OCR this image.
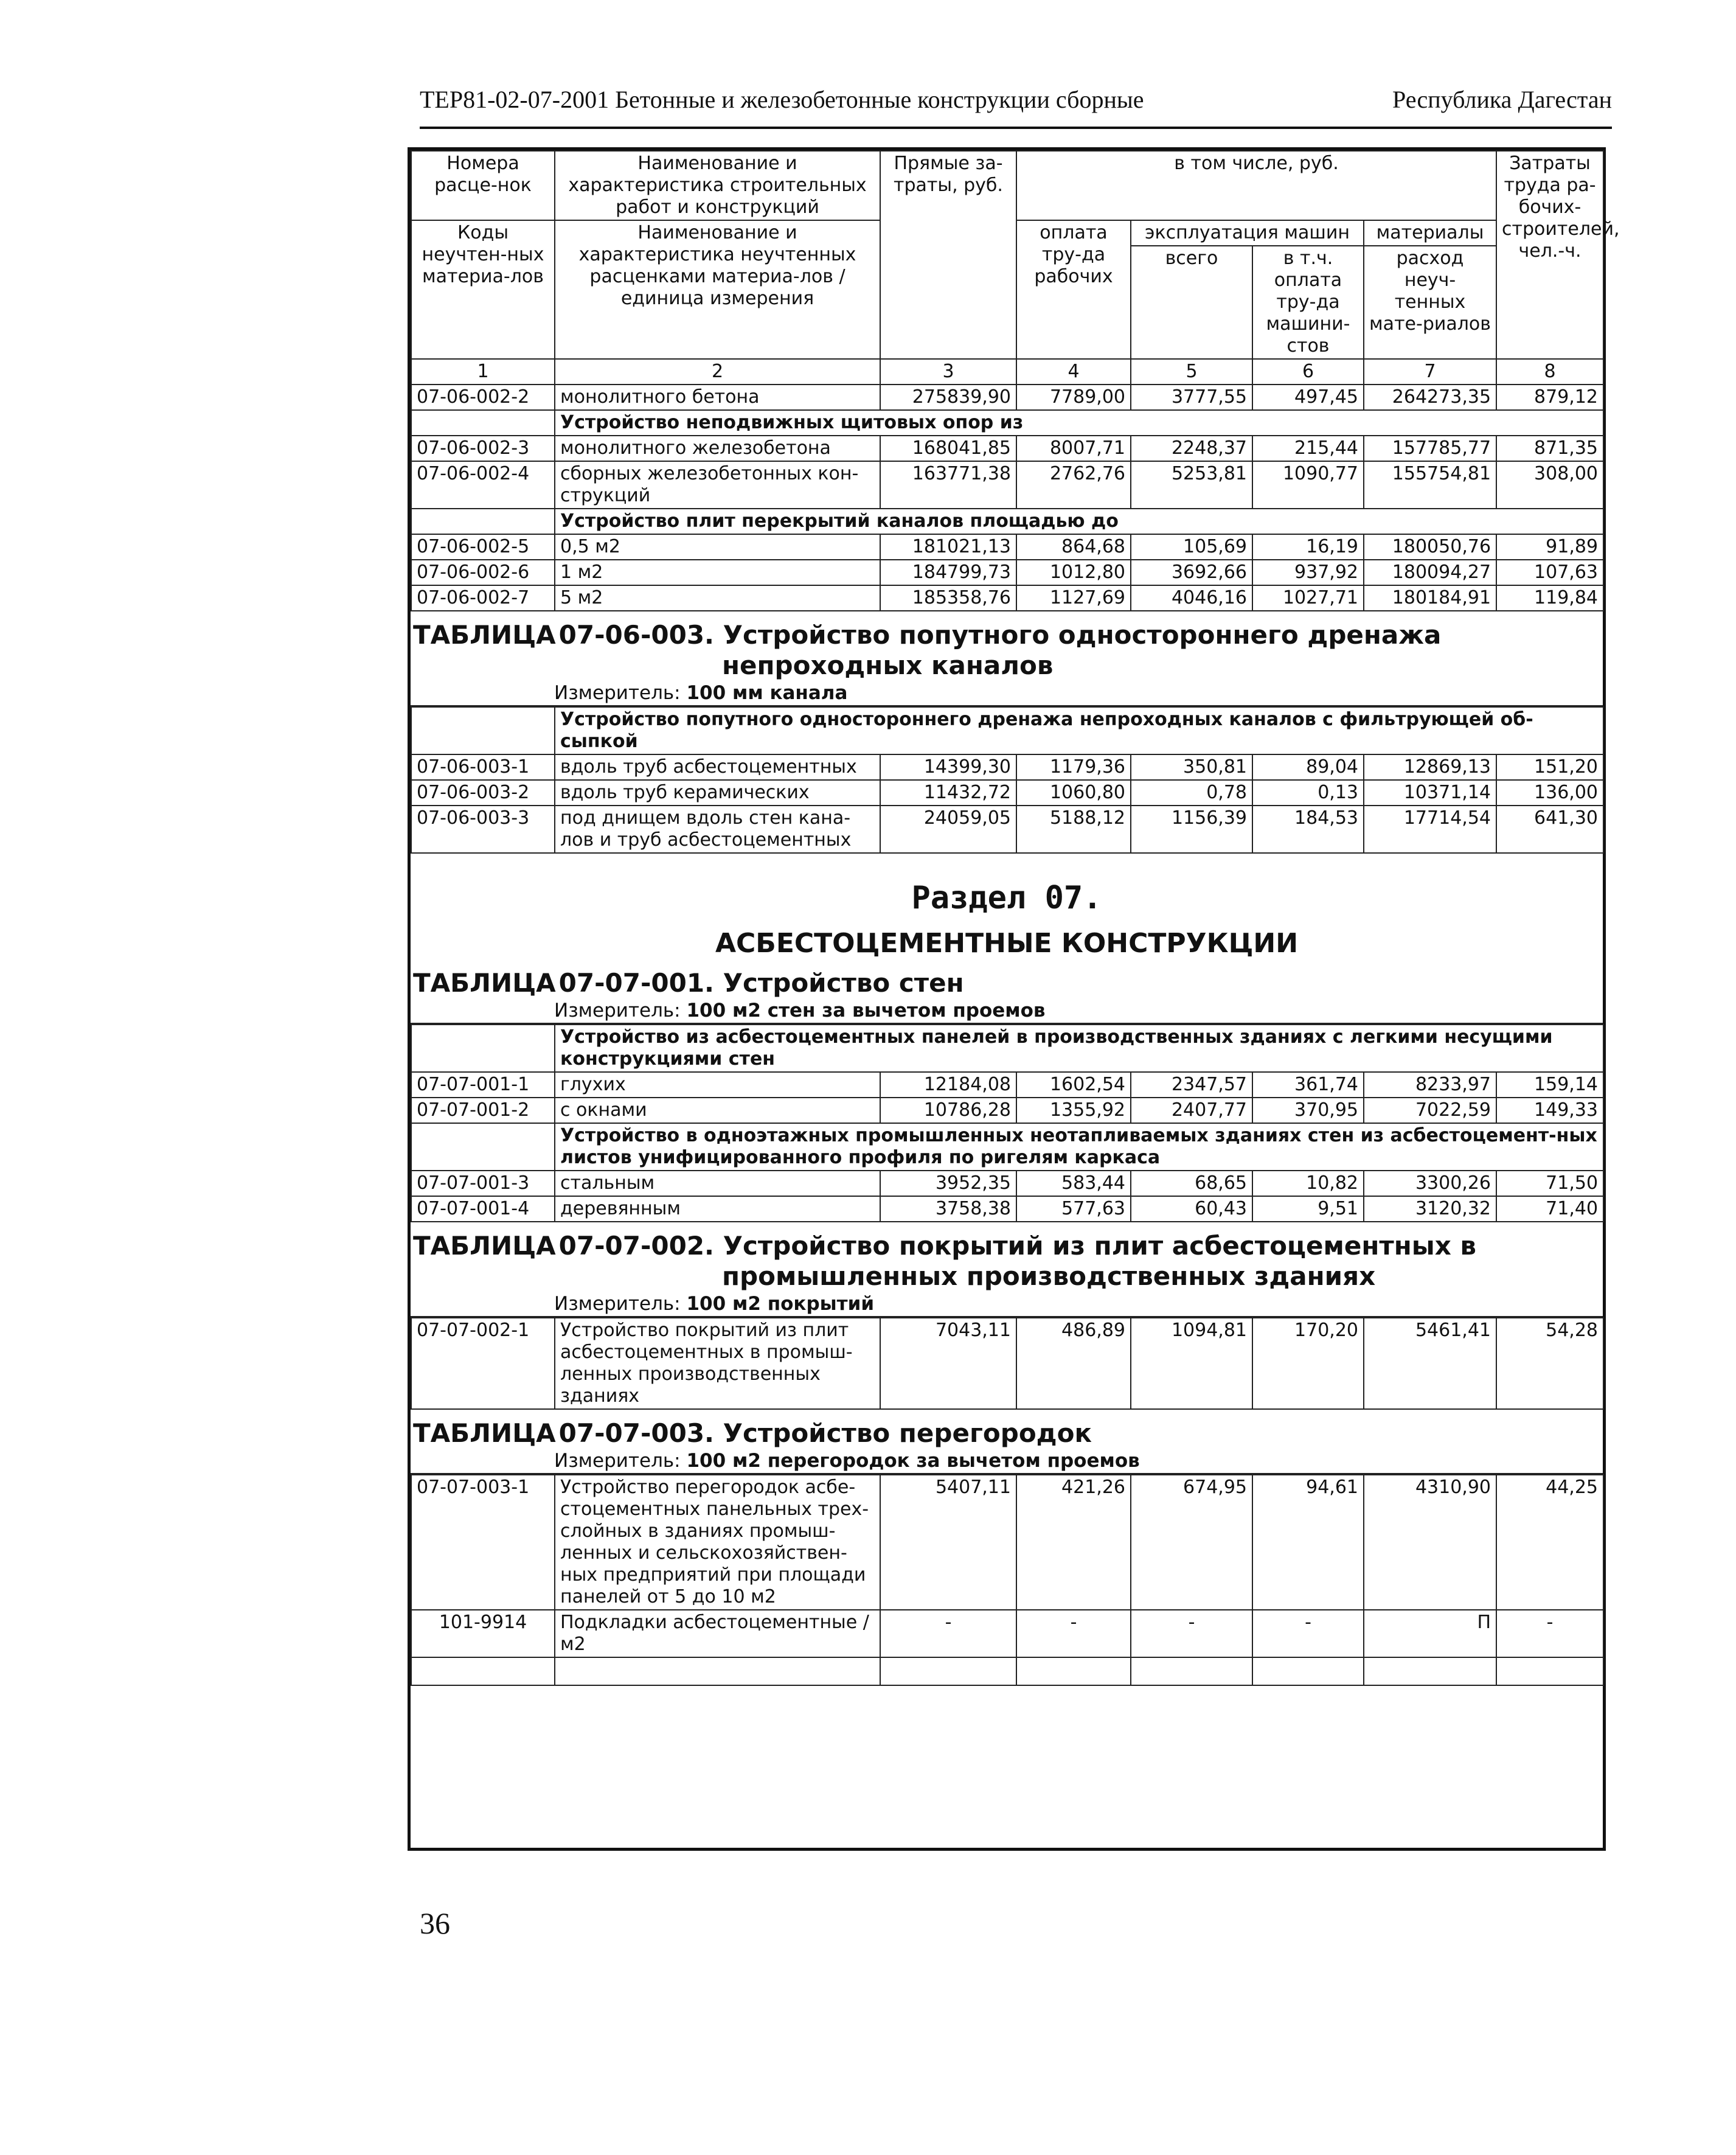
ТЕР81-02-07-2001 Бетонные и железобетонные конструкции сборные	Республика Дагестан
Номера расце-нок	Наименование и характеристика строительных работ и конструкций	Прямые за-траты, руб.	в том числе, руб.				Затраты труда ра-бочих-строителей, чел.-ч.
Коды неучтен-ных материа-лов	Наименование и характеристика неучтенных расценками материа-лов / единица измерения		оплата тру-да рабочих	эксплуатация машин		материалы	
				всего	в т.ч. оплата тру-да машини-стов	расход неуч-тенных мате-риалов	
1	2	3	4	5	6	7	8
07-06-002-2	монолитного бетона	275839,90	7789,00	3777,55	497,45	264273,35	879,12
	Устройство неподвижных щитовых опор из						
07-06-002-3	монолитного железобетона	168041,85	8007,71	2248,37	215,44	157785,77	871,35
07-06-002-4	сборных железобетонных кон-струкций	163771,38	2762,76	5253,81	1090,77	155754,81	308,00
	Устройство плит перекрытий каналов площадью до						
07-06-002-5	0,5 м2	181021,13	864,68	105,69	16,19	180050,76	91,89
07-06-002-6	1 м2	184799,73	1012,80	3692,66	937,92	180094,27	107,63
07-06-002-7	5 м2	185358,76	1127,69	4046,16	1027,71	180184,91	119,84
ТАБЛИЦА 07-06-003. Устройство попутного одностороннего дренажа
непроходных каналов
Измеритель: 100 мм канала
	Устройство попутного одностороннего дренажа непроходных каналов с фильтрующей об-сыпкой						
07-06-003-1	вдоль труб асбестоцементных	14399,30	1179,36	350,81	89,04	12869,13	151,20
07-06-003-2	вдоль труб керамических	11432,72	1060,80	0,78	0,13	10371,14	136,00
07-06-003-3	под днищем вдоль стен кана-лов и труб асбестоцементных	24059,05	5188,12	1156,39	184,53	17714,54	641,30
Раздел 07.
АСБЕСТОЦЕМЕНТНЫЕ КОНСТРУКЦИИ
ТАБЛИЦА 07-07-001. Устройство стен
Измеритель: 100 м2 стен за вычетом проемов
	Устройство из асбестоцементных панелей в производственных зданиях с легкими несущими конструкциями стен						
07-07-001-1	глухих	12184,08	1602,54	2347,57	361,74	8233,97	159,14
07-07-001-2	с окнами	10786,28	1355,92	2407,77	370,95	7022,59	149,33
	Устройство в одноэтажных промышленных неотапливаемых зданиях стен из асбестоцемент-ных листов унифицированного профиля по ригелям каркаса						
07-07-001-3	стальным	3952,35	583,44	68,65	10,82	3300,26	71,50
07-07-001-4	деревянным	3758,38	577,63	60,43	9,51	3120,32	71,40
ТАБЛИЦА 07-07-002. Устройство покрытий из плит асбестоцементных в
промышленных производственных зданиях
Измеритель: 100 м2 покрытий
07-07-002-1	Устройство покрытий из плит асбестоцементных в промыш-ленных производственных зданиях	7043,11	486,89	1094,81	170,20	5461,41	54,28
ТАБЛИЦА 07-07-003. Устройство перегородок
Измеритель: 100 м2 перегородок за вычетом проемов
07-07-003-1	Устройство перегородок асбе-стоцементных панельных трех-слойных в зданиях промыш-ленных и сельскохозяйствен-ных предприятий при площади панелей от 5 до 10 м2	5407,11	421,26	674,95	94,61	4310,90	44,25
101-9914	Подкладки асбестоцементные / м2	-	-	-	-	П	-

36
